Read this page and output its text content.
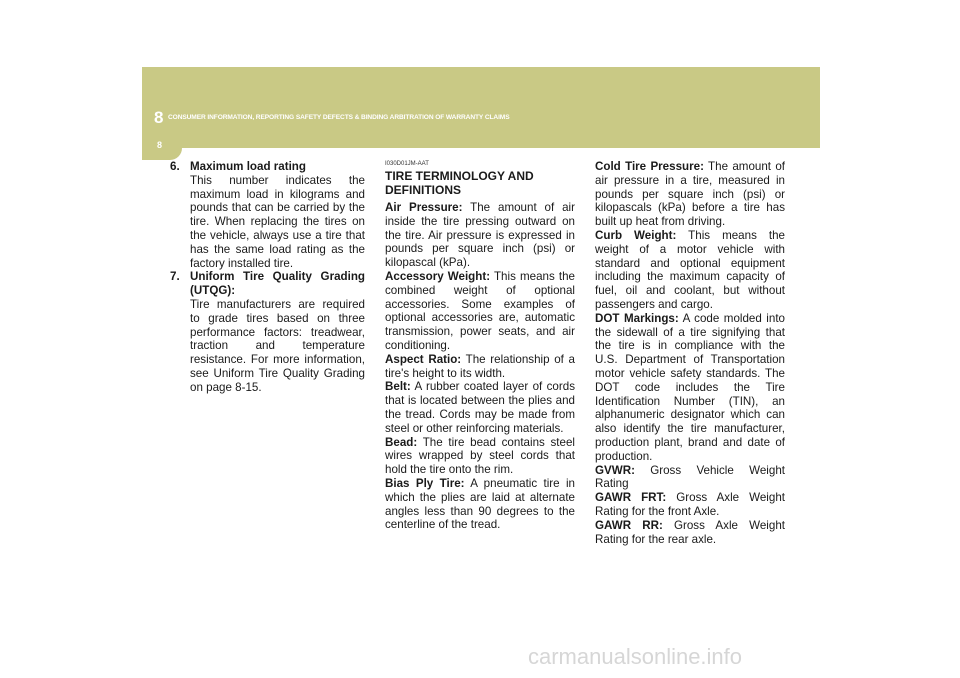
8 CONSUMER INFORMATION, REPORTING SAFETY DEFECTS & BINDING ARBITRATION OF WARRANTY CLAIMS
8
6. Maximum load rating
This number indicates the maximum load in kilograms and pounds that can be carried by the tire. When replacing the tires on the vehicle, always use a tire that has the same load rating as the factory installed tire.
7. Uniform Tire Quality Grading (UTQG):
Tire manufacturers are required to grade tires based on three performance factors: treadwear, traction and temperature resistance. For more information, see Uniform Tire Quality Grading on page 8-15.
I030D01JM-AAT
TIRE TERMINOLOGY AND DEFINITIONS

Air Pressure: The amount of air inside the tire pressing outward on the tire. Air pressure is expressed in pounds per square inch (psi) or kilopascal (kPa).

Accessory Weight: This means the combined weight of optional accessories. Some examples of optional accessories are, automatic transmission, power seats, and air conditioning.

Aspect Ratio: The relationship of a tire's height to its width.

Belt: A rubber coated layer of cords that is located between the plies and the tread. Cords may be made from steel or other reinforcing materials.

Bead: The tire bead contains steel wires wrapped by steel cords that hold the tire onto the rim.

Bias Ply Tire: A pneumatic tire in which the plies are laid at alternate angles less than 90 degrees to the centerline of the tread.

Cold Tire Pressure: The amount of air pressure in a tire, measured in pounds per square inch (psi) or kilopascals (kPa) before a tire has built up heat from driving.

Curb Weight: This means the weight of a motor vehicle with standard and optional equipment including the maximum capacity of fuel, oil and coolant, but without passengers and cargo.

DOT Markings: A code molded into the sidewall of a tire signifying that the tire is in compliance with the U.S. Department of Transportation motor vehicle safety standards. The DOT code includes the Tire Identification Number (TIN), an alphanumeric designator which can also identify the tire manufacturer, production plant, brand and date of production.

GVWR: Gross Vehicle Weight Rating

GAWR FRT: Gross Axle Weight Rating for the front Axle.

GAWR RR: Gross Axle Weight Rating for the rear axle.

carmanualsonline.info
